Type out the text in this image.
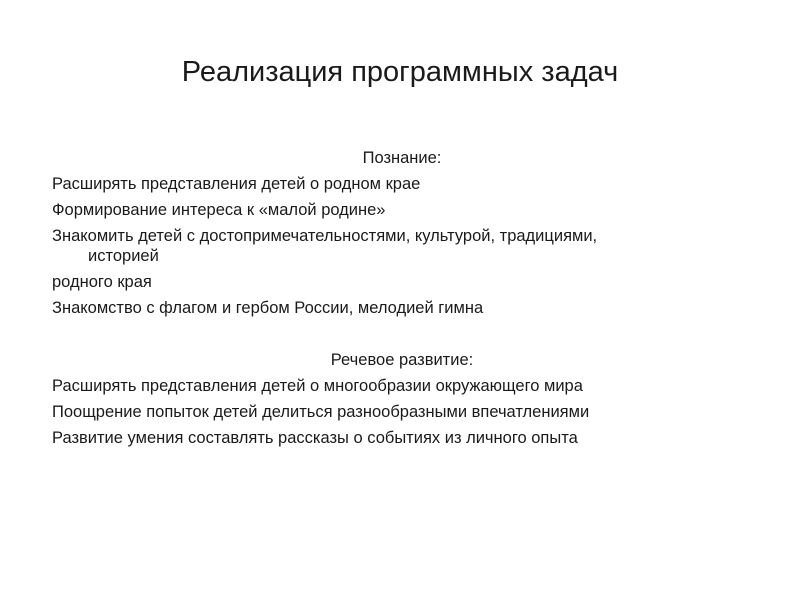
Реализация программных задач

Познание:

Расширять представления детей о родном крае

Формирование интереса к «малой родине»

Знакомить детей с достопримечательностями, культурой, традициями,

историей

родного края

Знакомство с флагом и гербом России, мелодией гимна

Речевое развитие:

Расширять представления детей о многообразии окружающего мира

Поощрение попыток детей делиться разнообразными впечатлениями

Развитие умения составлять рассказы о событиях из личного опыта
